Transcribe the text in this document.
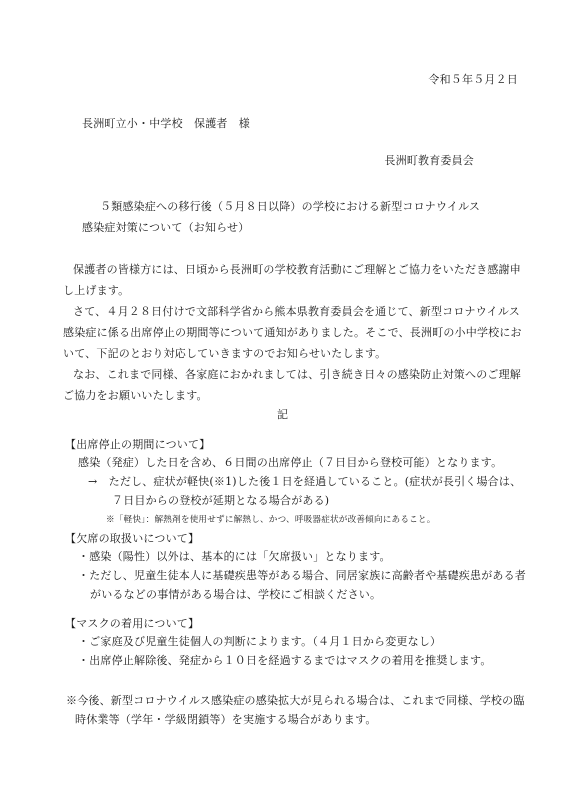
令和５年５月２日
長洲町立小・中学校　保護者　様
長洲町教育委員会
５類感染症への移行後（５月８日以降）の学校における新型コロナウイルス
感染症対策について（お知らせ）
保護者の皆様方には、日頃から長洲町の学校教育活動にご理解とご協力をいただき感謝申
し上げます。
さて、４月２８日付けで文部科学省から熊本県教育委員会を通じて、新型コロナウイルス
感染症に係る出席停止の期間等について通知がありました。そこで、長洲町の小中学校にお
いて、下記のとおり対応していきますのでお知らせいたします。
なお、これまで同様、各家庭におかれましては、引き続き日々の感染防止対策へのご理解
ご協力をお願いいたします。
記
【出席停止の期間について】
感染（発症）した日を含め、６日間の出席停止（７日目から登校可能）となります。
→　ただし、症状が軽快(※1)した後１日を経過していること。(症状が長引く場合は、
７日目からの登校が延期となる場合がある)
※「軽快」：解熱剤を使用せずに解熱し、かつ、呼吸器症状が改善傾向にあること。
【欠席の取扱いについて】
・感染（陽性）以外は、基本的には「欠席扱い」となります。
・ただし、児童生徒本人に基礎疾患等がある場合、同居家族に高齢者や基礎疾患がある者
がいるなどの事情がある場合は、学校にご相談ください。
【マスクの着用について】
・ご家庭及び児童生徒個人の判断によります。（４月１日から変更なし）
・出席停止解除後、発症から１０日を経過するまではマスクの着用を推奨します。
※今後、新型コロナウイルス感染症の感染拡大が見られる場合は、これまで同様、学校の臨
時休業等（学年・学級閉鎖等）を実施する場合があります。
